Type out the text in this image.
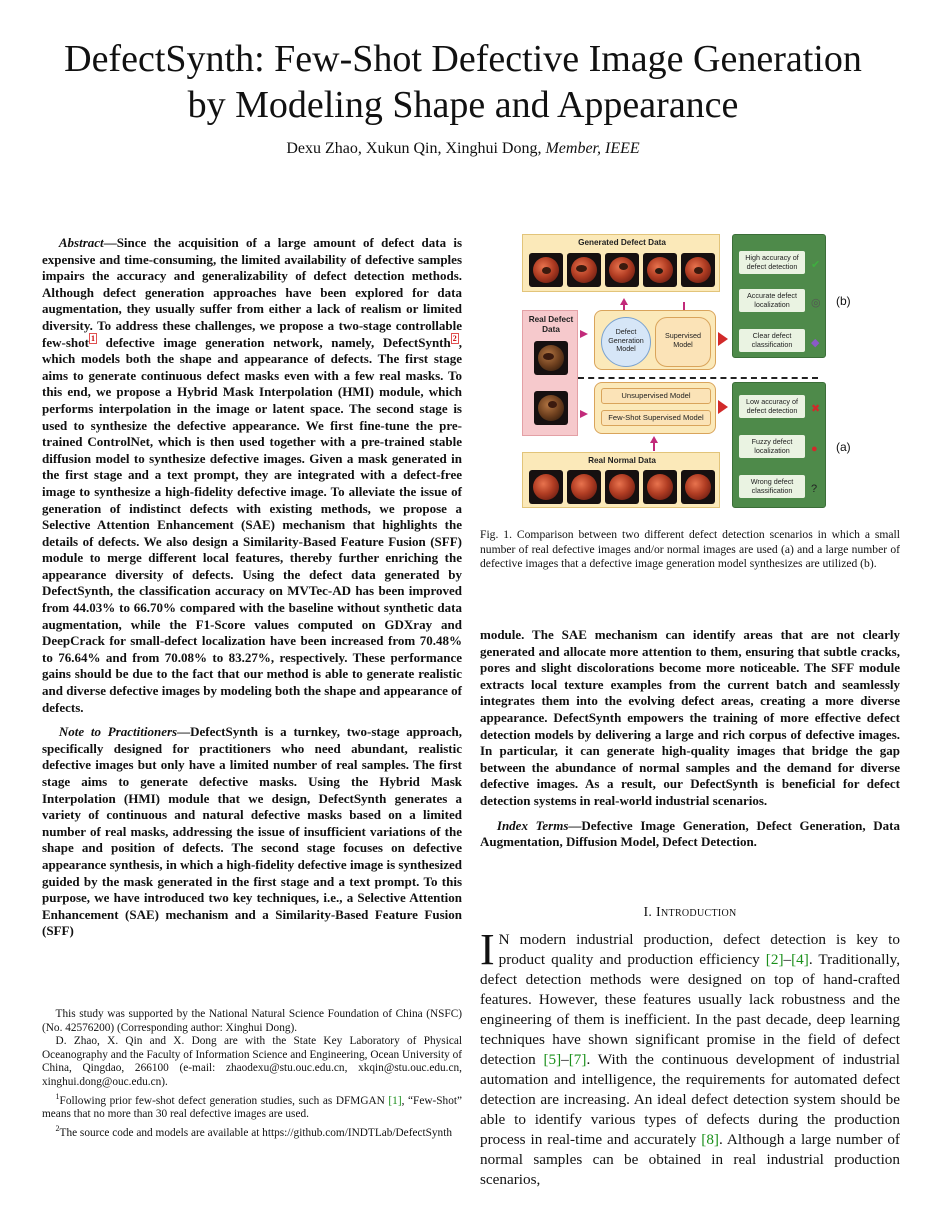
DefectSynth: Few-Shot Defective Image Generation
by Modeling Shape and Appearance
Dexu Zhao, Xukun Qin, Xinghui Dong, Member, IEEE

Abstract—Since the acquisition of a large amount of defect data is expensive and time-consuming, the limited availability of defective samples impairs the accuracy and generalizability of defect detection methods. Although defect generation approaches have been explored for data augmentation, they usually suffer from either a lack of realism or limited diversity. To address these challenges, we propose a two-stage controllable few-shot $^1$ defective image generation network, namely, DefectSynth $^2$ , which models both the shape and appearance of defects. The first stage aims to generate continuous defect masks even with a few real masks. To this end, we propose a Hybrid Mask Interpolation (HMI) module, which performs interpolation in the image or latent space. The second stage is used to synthesize the defective appearance. We first fine-tune the pre-trained ControlNet, which is then used together with a pre-trained stable diffusion model to synthesize defective images. Given a mask generated in the first stage and a text prompt, they are integrated with a defect-free image to synthesize a high-fidelity defective image. To alleviate the issue of generation of indistinct defects with existing methods, we propose a Selective Attention Enhancement (SAE) mechanism that highlights the details of defects. We also design a Similarity-Based Feature Fusion (SFF) module to merge different local features, thereby further enriching the appearance diversity of defects. Using the defect data generated by DefectSynth, the classification accuracy on MVTec-AD has been improved from 44.03% to 66.70% compared with the baseline without synthetic data augmentation, while the F1-Score values computed on GDXray and DeepCrack for small-defect localization have been increased from 70.48% to 76.64% and from 70.08% to 83.27%, respectively. These performance gains should be due to the fact that our method is able to generate realistic and diverse defective images by modeling both the shape and appearance of defects.

Note to Practitioners—DefectSynth is a turnkey, two-stage approach, specifically designed for practitioners who need abundant, realistic defective images but only have a limited number of real samples. The first stage aims to generate defective masks. Using the Hybrid Mask Interpolation (HMI) module that we design, DefectSynth generates a variety of continuous and natural defective masks based on a limited number of real masks, addressing the issue of insufficient variations of the shape and position of defects. The second stage focuses on defective appearance synthesis, in which a high-fidelity defective image is synthesized guided by the mask generated in the first stage and a text prompt. To this purpose, we have introduced two key techniques, i.e., a Selective Attention Enhancement (SAE) mechanism and a Similarity-Based Feature Fusion (SFF)

This study was supported by the National Natural Science Foundation of China (NSFC) (No. 42576200) (Corresponding author: Xinghui Dong).

D. Zhao, X. Qin and X. Dong are with the State Key Laboratory of Physical Oceanography and the Faculty of Information Science and Engineering, Ocean University of China, Qingdao, 266100 (e-mail: zhaodexu@stu.ouc.edu.cn, xkqin@stu.ouc.edu.cn, xinghui.dong@ouc.edu.cn).

$^1$Following prior few-shot defect generation studies, such as DFMGAN [1], “Few-Shot” means that no more than 30 real defective images are used.

$^2$The source code and models are available at https://github.com/INDTLab/DefectSynth

Generated Defect Data
Real Defect Data	Defect Generation Model
Supervised Model
Unsupervised Model
Few-Shot Supervised Model
Real Normal Data
High accuracy of defect detection
Accurate defect localization
Clear defect classification
✔
◎
◆
Low accuracy of defect detection
Fuzzy defect localization
Wrong defect classification
✖
●
?
(b)
(a)
Fig. 1. Comparison between two different defect detection scenarios in which a small number of real defective images and/or normal images are used (a) and a large number of defective images that a defective image generation model synthesizes are utilized (b).

module. The SAE mechanism can identify areas that are not clearly generated and allocate more attention to them, ensuring that subtle cracks, pores and slight discolorations become more noticeable. The SFF module extracts local texture examples from the current batch and seamlessly integrates them into the evolving defect areas, creating a more diverse appearance. DefectSynth empowers the training of more effective defect detection models by delivering a large and rich corpus of defective images. In particular, it can generate high-quality images that bridge the gap between the abundance of normal samples and the demand for diverse defective images. As a result, our DefectSynth is beneficial for defect detection systems in real-world industrial scenarios.

Index Terms—Defective Image Generation, Defect Generation, Data Augmentation, Diffusion Model, Defect Detection.

I. Introduction
I N modern industrial production, defect detection is key to product quality and production efficiency [2]–[4]. Traditionally, defect detection methods were designed on top of hand-crafted features. However, these features usually lack robustness and the engineering of them is inefficient. In the past decade, deep learning techniques have shown significant promise in the field of defect detection [5]–[7]. With the continuous development of industrial automation and intelligence, the requirements for automated defect detection are increasing. An ideal defect detection system should be able to identify various types of defects during the production process in real-time and accurately [8]. Although a large number of normal samples can be obtained in real industrial production scenarios,
